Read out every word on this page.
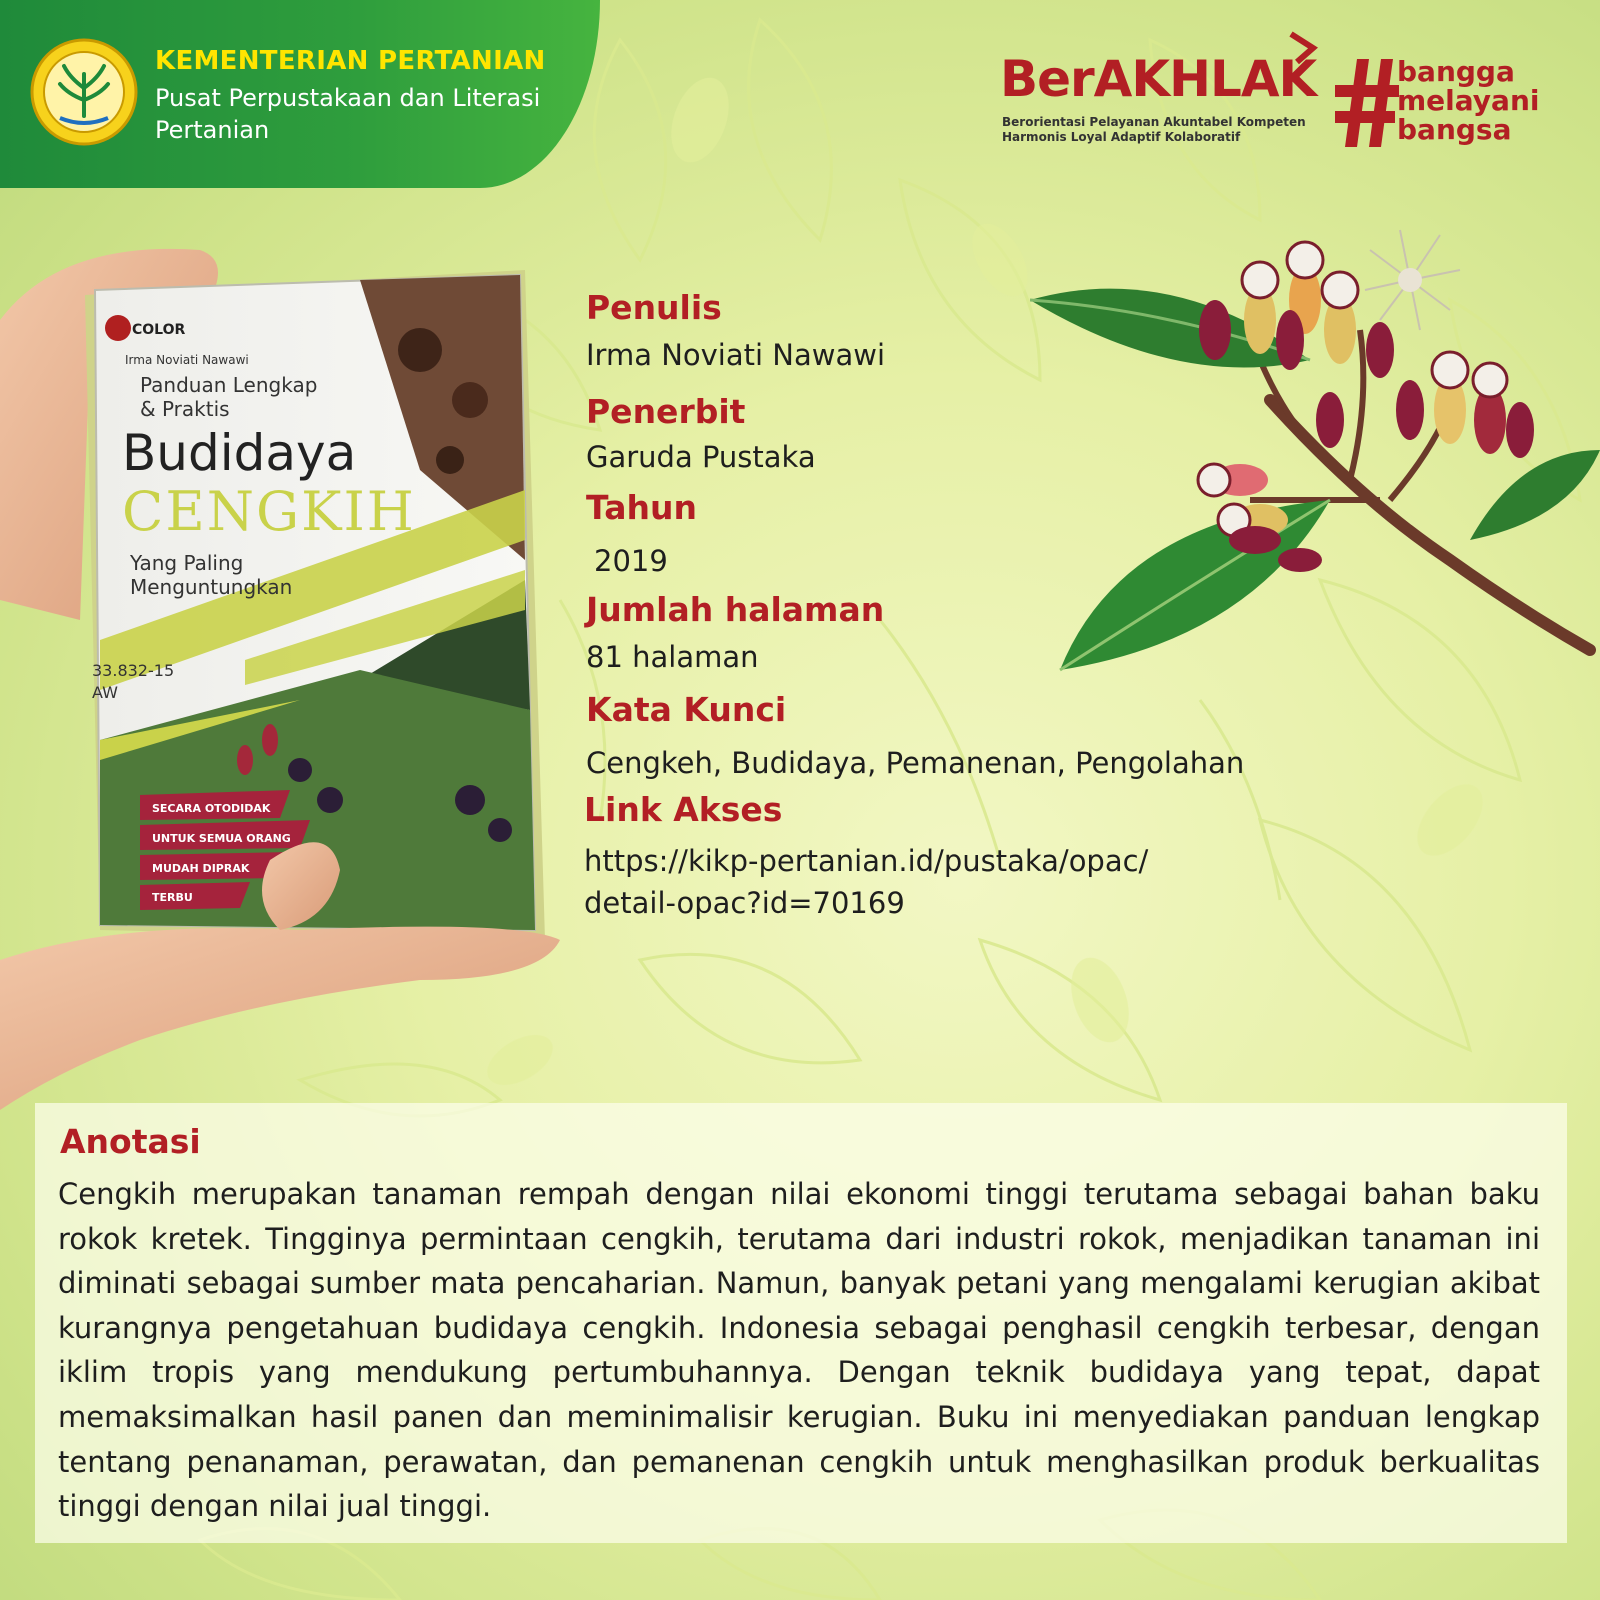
KEMENTERIAN PERTANIAN
Pusat Perpustakaan dan Literasi Pertanian
BerAKHLAK
Berorientasi Pelayanan Akuntabel Kompeten
Harmonis Loyal Adaptif Kolaboratif
bangga
melayani
bangsa
COLOR
Irma Noviati Nawawi
Panduan Lengkap
& Praktis
Budidaya
CENGKIH
Yang Paling
Menguntungkan
33.832-15
AW
SECARA OTODIDAK
UNTUK SEMUA ORANG
MUDAH DIPRAK
TERBU
Penulis
Irma Noviati Nawawi
Penerbit
Garuda Pustaka
Tahun
2019
Jumlah halaman
81 halaman
Kata Kunci
Cengkeh, Budidaya, Pemanenan, Pengolahan
Link Akses
https://kikp-pertanian.id/pustaka/opac/ detail-opac?id=70169
Anotasi
Cengkih merupakan tanaman rempah dengan nilai ekonomi tinggi terutama sebagai bahan baku rokok kretek. Tingginya permintaan cengkih, terutama dari industri rokok, menjadikan tanaman ini diminati sebagai sumber mata pencaharian. Namun, banyak petani yang mengalami kerugian akibat kurangnya pengetahuan budidaya cengkih. Indonesia sebagai penghasil cengkih terbesar, dengan iklim tropis yang mendukung pertumbuhannya. Dengan teknik budidaya yang tepat, dapat memaksimalkan hasil panen dan meminimalisir kerugian. Buku ini menyediakan panduan lengkap tentang penanaman, perawatan, dan pemanenan cengkih untuk menghasilkan produk berkualitas tinggi dengan nilai jual tinggi.
